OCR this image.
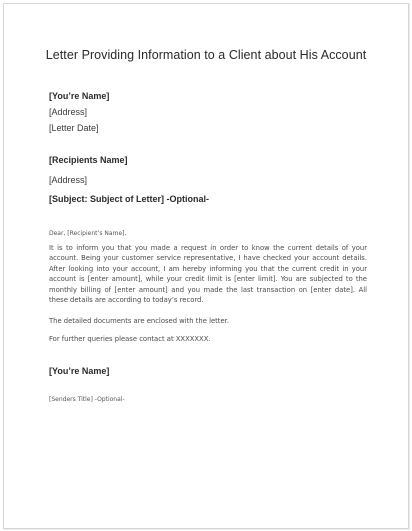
Letter Providing Information to a Client about His Account
[You’re Name]
[Address]
[Letter Date]
[Recipients Name]
[Address]
[Subject: Subject of Letter] -Optional-
Dear, [Recipient’s Name],
It is to inform you that you made a request in order to know the current details of your account. Being your customer service representative, I have checked your account details. After looking into your account, I am hereby informing you that the current credit in your account is [enter amount], while your credit limit is [enter limit]. You are subjected to the monthly billing of [enter amount] and you made the last transaction on [enter date]. All these details are according to today’s record.
The detailed documents are enclosed with the letter.
For further queries please contact at XXXXXXX.
[You’re Name]
[Senders Title] -Optional-
